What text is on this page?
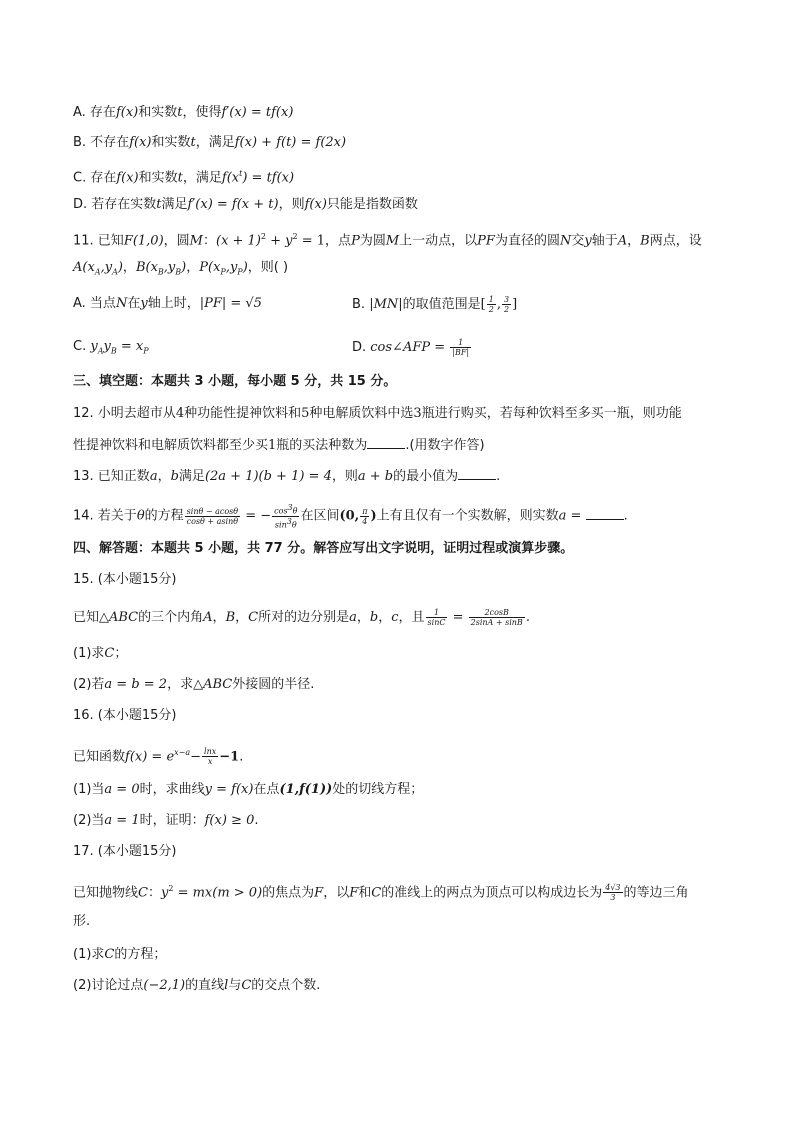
A. 存在f(x)和实数t，使得f′(x) = tf(x)
B. 不存在f(x)和实数t，满足f(x) + f(t) = f(2x)
C. 存在f(x)和实数t，满足$f(x^t) = tf(x)$
D. 若存在实数t满足f′(x) = f(x + t)，则f(x)只能是指数函数
11. 已知F(1,0)，圆M：$(x + 1)^2 + y^2 = 1$，点P为圆M上一动点，以PF为直径的圆N交y轴于A，B两点，设
$A(x_A,y_A)$，$B(x_B,y_B)$，$P(x_P,y_P)$，则( )
A. 当点N在y轴上时，|PF| = √5	B. |MN|的取值范围是[ $\frac{1}{2}$ , $\frac{3}{2}$ ]
C. $y_Ay_B = x_P$	D. cos∠AFP = $\frac{1}{|BF|}$
三、填空题：本题共 3 小题，每小题 5 分，共 15 分。
12. 小明去超市从4种功能性提神饮料和5种电解质饮料中选3瓶进行购买，若每种饮料至多买一瓶，则功能
性提神饮料和电解质饮料都至少买1瓶的买法种数为	.(用数字作答)
13. 已知正数a，b满足(2a + 1)(b + 1) = 4，则a + b的最小值为	.
14. 若关于θ的方程 $\frac{\sin\theta - acos\theta}{\cos\theta + asin\theta}$ = − $\frac{\cos^3\theta}{\sin^3\theta}$ 在区间(0, $\frac{\pi}{4}$ )上有且仅有一个实数解，则实数a =	.
四、解答题：本题共 5 小题，共 77 分。解答应写出文字说明，证明过程或演算步骤。
15. (本小题15分)
已知△ABC的三个内角A，B，C所对的边分别是a，b，c，且 $\frac{1}{\sin C} = \frac{2\cos B}{2\sin A + \sin B}$ .
(1)求C；
(2)若a = b = 2，求△ABC外接圆的半径.
16. (本小题15分)
已知函数$f(x) = e^{x-a}- \frac{\ln x}{x} -1$.
(1)当a = 0时，求曲线y = f(x)在点(1,f(1))处的切线方程；
(2)当a = 1时，证明：f(x) ≥ 0.
17. (本小题15分)
已知抛物线C：$y^2 = mx(m > 0)$的焦点为F，以F和C的准线上的两点为顶点可以构成边长为 $\frac{4√3}{3}$ 的等边三角
形.
(1)求C的方程；
(2)讨论过点(−2,1)的直线l与C的交点个数.
